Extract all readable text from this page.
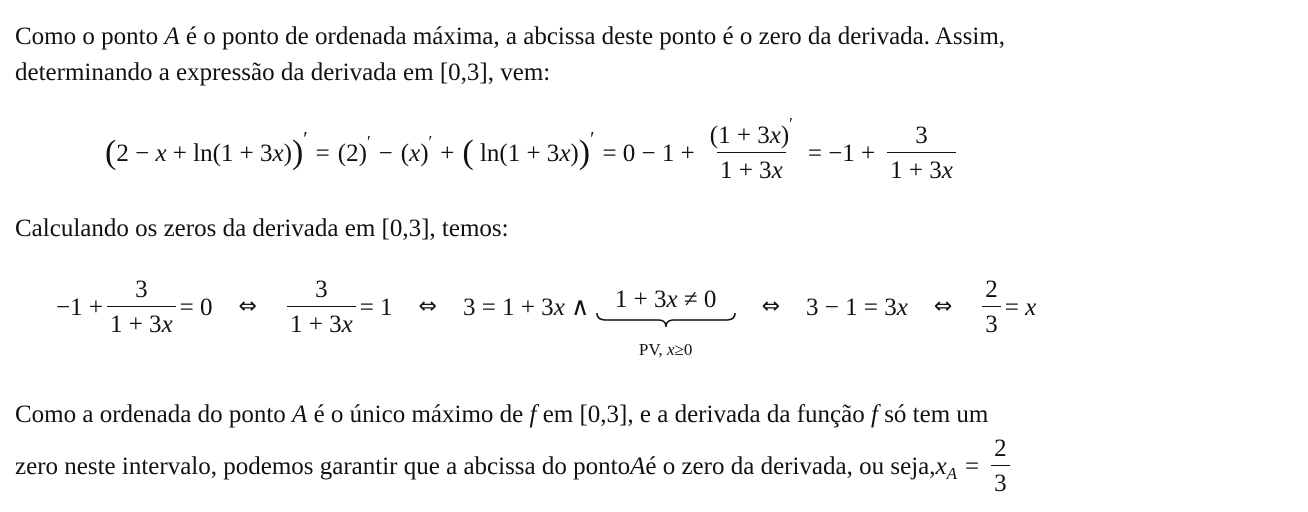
Como o ponto A é o ponto de ordenada máxima, a abcissa deste ponto é o zero da derivada. Assim,
determinando a expressão da derivada em [0,3], vem:
( 2 − x + ln(1 + 3x) ) ′
= (2)′ − (x)′ + ( ln(1 + 3x) ) ′
= $0 - 1 + \frac{(1 + 3x)'}{1 + 3x} = -1 + \frac{3}{1 + 3x}$
Calculando os zeros da derivada em [0,3], temos:
$-1 + \frac{3}{1 + 3x} = 0$ ⇔ $\frac{3}{1 + 3x} = 1$ ⇔ 3 = 1 + 3x ∧ 1 + 3x ≠ 0
PV, x≥0
⇔ 3 − 1 = 3x ⇔ $\frac{2}{3} = x$
Como a ordenada do ponto A é o único máximo de f em [0,3], e a derivada da função f só tem um
zero neste intervalo, podemos garantir que a abcissa do ponto A é o zero da derivada, ou seja, x $A = \frac{2}{3}$
